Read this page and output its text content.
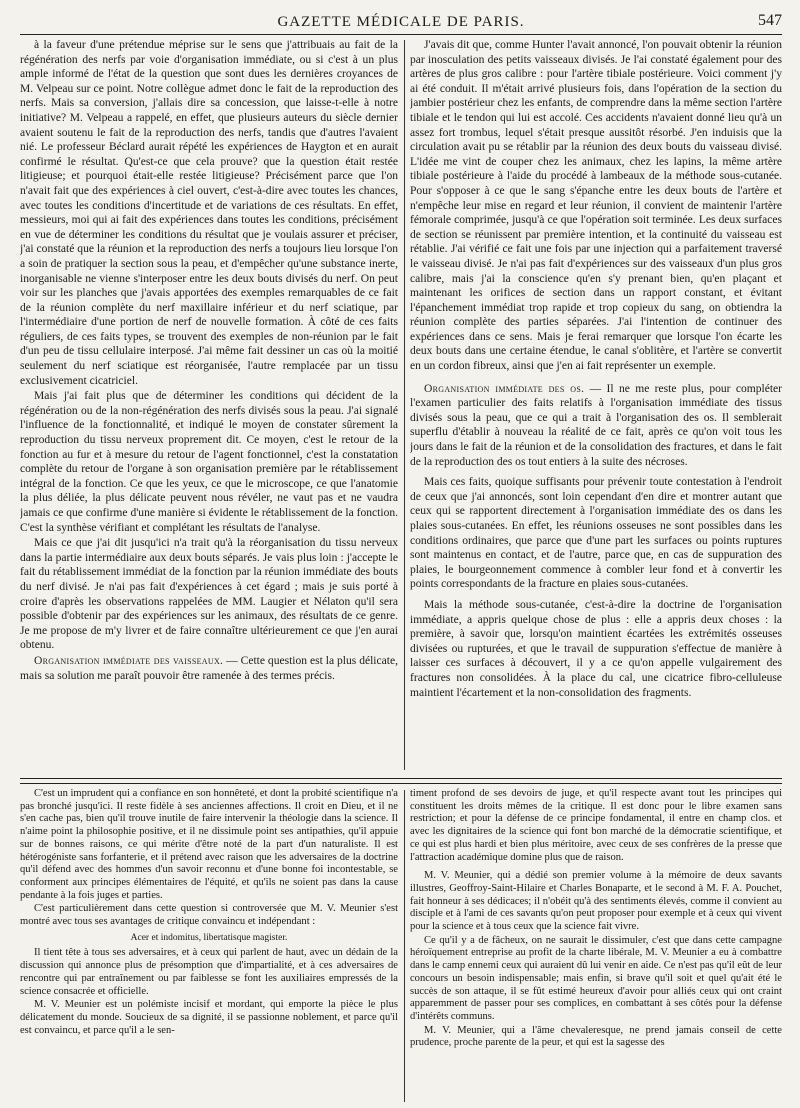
GAZETTE MÉDICALE DE PARIS.	547

à la faveur d'une prétendue méprise sur le sens que j'attribuais au fait de la régénération des nerfs par voie d'organisation immédiate, ou si c'est à un plus ample informé de l'état de la question que sont dues les dernières croyances de M. Velpeau sur ce point. Notre collègue admet donc le fait de la reproduction des nerfs. Mais sa conversion, j'allais dire sa concession, que laisse-t-elle à notre initiative? M. Velpeau a rappelé, en effet, que plusieurs auteurs du siècle dernier avaient soutenu le fait de la reproduction des nerfs, tandis que d'autres l'avaient nié. Le professeur Béclard aurait répété les expériences de Haygton et en aurait confirmé le résultat. Qu'est-ce que cela prouve? que la question était restée litigieuse; et pourquoi était-elle restée litigieuse? Précisément parce que l'on n'avait fait que des expériences à ciel ouvert, c'est-à-dire avec toutes les chances, avec toutes les conditions d'incertitude et de variations de ces résultats. En effet, messieurs, moi qui ai fait des expériences dans toutes les conditions, précisément en vue de déterminer les conditions du résultat que je voulais assurer et préciser, j'ai constaté que la réunion et la reproduction des nerfs a toujours lieu lorsque l'on a soin de pratiquer la section sous la peau, et d'empêcher qu'une substance inerte, inorganisable ne vienne s'interposer entre les deux bouts divisés du nerf. On peut voir sur les planches que j'avais apportées des exemples remarquables de ce fait de la réunion complète du nerf maxillaire inférieur et du nerf sciatique, par l'intermédiaire d'une portion de nerf de nouvelle formation. À côté de ces faits réguliers, de ces faits types, se trouvent des exemples de non-réunion par le fait d'un peu de tissu cellulaire interposé. J'ai même fait dessiner un cas où la moitié seulement du nerf sciatique est réorganisée, l'autre remplacée par un tissu exclusivement cicatriciel.

Mais j'ai fait plus que de déterminer les conditions qui décident de la régénération ou de la non-régénération des nerfs divisés sous la peau. J'ai signalé l'influence de la fonctionnalité, et indiqué le moyen de constater sûrement la reproduction du tissu nerveux proprement dit. Ce moyen, c'est le retour de la fonction au fur et à mesure du retour de l'agent fonctionnel, c'est la constatation complète du retour de l'organe à son organisation première par le rétablissement intégral de la fonction. Ce que les yeux, ce que le microscope, ce que l'anatomie la plus déliée, la plus délicate peuvent nous révéler, ne vaut pas et ne vaudra jamais ce que confirme d'une manière si évidente le rétablissement de la fonction. C'est la synthèse vérifiant et complétant les résultats de l'analyse.

Mais ce que j'ai dit jusqu'ici n'a trait qu'à la réorganisation du tissu nerveux dans la partie intermédiaire aux deux bouts séparés. Je vais plus loin : j'accepte le fait du rétablissement immédiat de la fonction par la réunion immédiate des bouts du nerf divisé. Je n'ai pas fait d'expériences à cet égard ; mais je suis porté à croire d'après les observations rappelées de MM. Laugier et Nélaton qu'il sera possible d'obtenir par des expériences sur les animaux, des résultats de ce genre. Je me propose de m'y livrer et de faire connaître ultérieurement ce que j'en aurai obtenu.

Organisation immédiate des vaisseaux. — Cette question est la plus délicate, mais sa solution me paraît pouvoir être ramenée à des termes précis.

J'avais dit que, comme Hunter l'avait annoncé, l'on pouvait obtenir la réunion par inosculation des petits vaisseaux divisés. Je l'ai constaté également pour des artères de plus gros calibre : pour l'artère tibiale postérieure. Voici comment j'y ai été conduit. Il m'était arrivé plusieurs fois, dans l'opération de la section du jambier postérieur chez les enfants, de comprendre dans la même section l'artère tibiale et le tendon qui lui est accolé. Ces accidents n'avaient donné lieu qu'à un assez fort trombus, lequel s'était presque aussitôt résorbé. J'en induisis que la circulation avait pu se rétablir par la réunion des deux bouts du vaisseau divisé. L'idée me vint de couper chez les animaux, chez les lapins, la même artère tibiale postérieure à l'aide du procédé à lambeaux de la méthode sous-cutanée. Pour s'opposer à ce que le sang s'épanche entre les deux bouts de l'artère et n'empêche leur mise en regard et leur réunion, il convient de maintenir l'artère fémorale comprimée, jusqu'à ce que l'opération soit terminée. Les deux surfaces de section se réunissent par première intention, et la continuité du vaisseau est rétablie. J'ai vérifié ce fait une fois par une injection qui a parfaitement traversé le vaisseau divisé. Je n'ai pas fait d'expériences sur des vaisseaux d'un plus gros calibre, mais j'ai la conscience qu'en s'y prenant bien, qu'en plaçant et maintenant les orifices de section dans un rapport constant, et évitant l'épanchement immédiat trop rapide et trop copieux du sang, on obtiendra la réunion complète des parties séparées. J'ai l'intention de continuer des expériences dans ce sens. Mais je ferai remarquer que lorsque l'on écarte les deux bouts dans une certaine étendue, le canal s'oblitère, et l'artère se convertit en un cordon fibreux, ainsi que j'en ai fait représenter un exemple.

Organisation immédiate des os. — Il ne me reste plus, pour compléter l'examen particulier des faits relatifs à l'organisation immédiate des tissus divisés sous la peau, que ce qui a trait à l'organisation des os. Il semblerait superflu d'établir à nouveau la réalité de ce fait, après ce qu'on voit tous les jours dans le fait de la réunion et de la consolidation des fractures, et dans le fait de la reproduction des os tout entiers à la suite des nécroses.

Mais ces faits, quoique suffisants pour prévenir toute contestation à l'endroit de ceux que j'ai annoncés, sont loin cependant d'en dire et montrer autant que ceux qui se rapportent directement à l'organisation immédiate des os dans les plaies sous-cutanées. En effet, les réunions osseuses ne sont possibles dans les conditions ordinaires, que parce que d'une part les surfaces ou points ruptures sont maintenus en contact, et de l'autre, parce que, en cas de suppuration des plaies, le bourgeonnement commence à combler leur fond et à convertir les points correspondants de la fracture en plaies sous-cutanées.

Mais la méthode sous-cutanée, c'est-à-dire la doctrine de l'organisation immédiate, a appris quelque chose de plus : elle a appris deux choses : la première, à savoir que, lorsqu'on maintient écartées les extrémités osseuses divisées ou rupturées, et que le travail de suppuration s'effectue de manière à laisser ces surfaces à découvert, il y a ce qu'on appelle vulgairement des fractures non consolidées. À la place du cal, une cicatrice fibro-celluleuse maintient l'écartement et la non-consolidation des fragments.

C'est un imprudent qui a confiance en son honnêteté, et dont la probité scientifique n'a pas bronché jusqu'ici. Il reste fidèle à ses anciennes affections. Il croit en Dieu, et il ne s'en cache pas, bien qu'il trouve inutile de faire intervenir la théologie dans la science. Il n'aime point la philosophie positive, et il ne dissimule point ses antipathies, qu'il appuie sur de bonnes raisons, ce qui mérite d'être noté de la part d'un naturaliste. Il est hétérogéniste sans forfanterie, et il prétend avec raison que les adversaires de la doctrine qu'il défend avec des hommes d'un savoir reconnu et d'une bonne foi incontestable, se conforment aux principes élémentaires de l'équité, et qu'ils ne soient pas dans la cause pendante à la fois juges et parties.

C'est particulièrement dans cette question si controversée que M. V. Meunier s'est montré avec tous ses avantages de critique convaincu et indépendant :

Acer et indomitus, libertatisque magister.

Il tient tête à tous ses adversaires, et à ceux qui parlent de haut, avec un dédain de la discussion qui annonce plus de présomption que d'impartialité, et à ces adversaires de rencontre qui par entraînement ou par faiblesse se font les auxiliaires empressés de la science consacrée et officielle.

M. V. Meunier est un polémiste incisif et mordant, qui emporte la pièce le plus délicatement du monde. Soucieux de sa dignité, il se passionne noblement, et parce qu'il est convaincu, et parce qu'il a le sen-

timent profond de ses devoirs de juge, et qu'il respecte avant tout les principes qui constituent les droits mêmes de la critique. Il est donc pour le libre examen sans restriction; et pour la défense de ce principe fondamental, il entre en champ clos. et avec les dignitaires de la science qui font bon marché de la démocratie scientifique, et ce qui est plus hardi et bien plus méritoire, avec ceux de ses confrères de la presse que l'attraction académique domine plus que de raison.

M. V. Meunier, qui a dédié son premier volume à la mémoire de deux savants illustres, Geoffroy-Saint-Hilaire et Charles Bonaparte, et le second à M. F. A. Pouchet, fait honneur à ses dédicaces; il n'obéit qu'à des sentiments élevés, comme il convient au disciple et à l'ami de ces savants qu'on peut proposer pour exemple et à ceux qui vivent pour la science et à tous ceux que la science fait vivre.

Ce qu'il y a de fâcheux, on ne saurait le dissimuler, c'est que dans cette campagne héroïquement entreprise au profit de la charte libérale, M. V. Meunier a eu à combattre dans le camp ennemi ceux qui auraient dû lui venir en aide. Ce n'est pas qu'il eût de leur concours un besoin indispensable; mais enfin, si brave qu'il soit et quel qu'ait été le succès de son attaque, il se fût estimé heureux d'avoir pour alliés ceux qui ont craint apparemment de passer pour ses complices, en combattant à ses côtés pour la défense d'intérêts communs.

M. V. Meunier, qui a l'âme chevaleresque, ne prend jamais conseil de cette prudence, proche parente de la peur, et qui est la sagesse des
